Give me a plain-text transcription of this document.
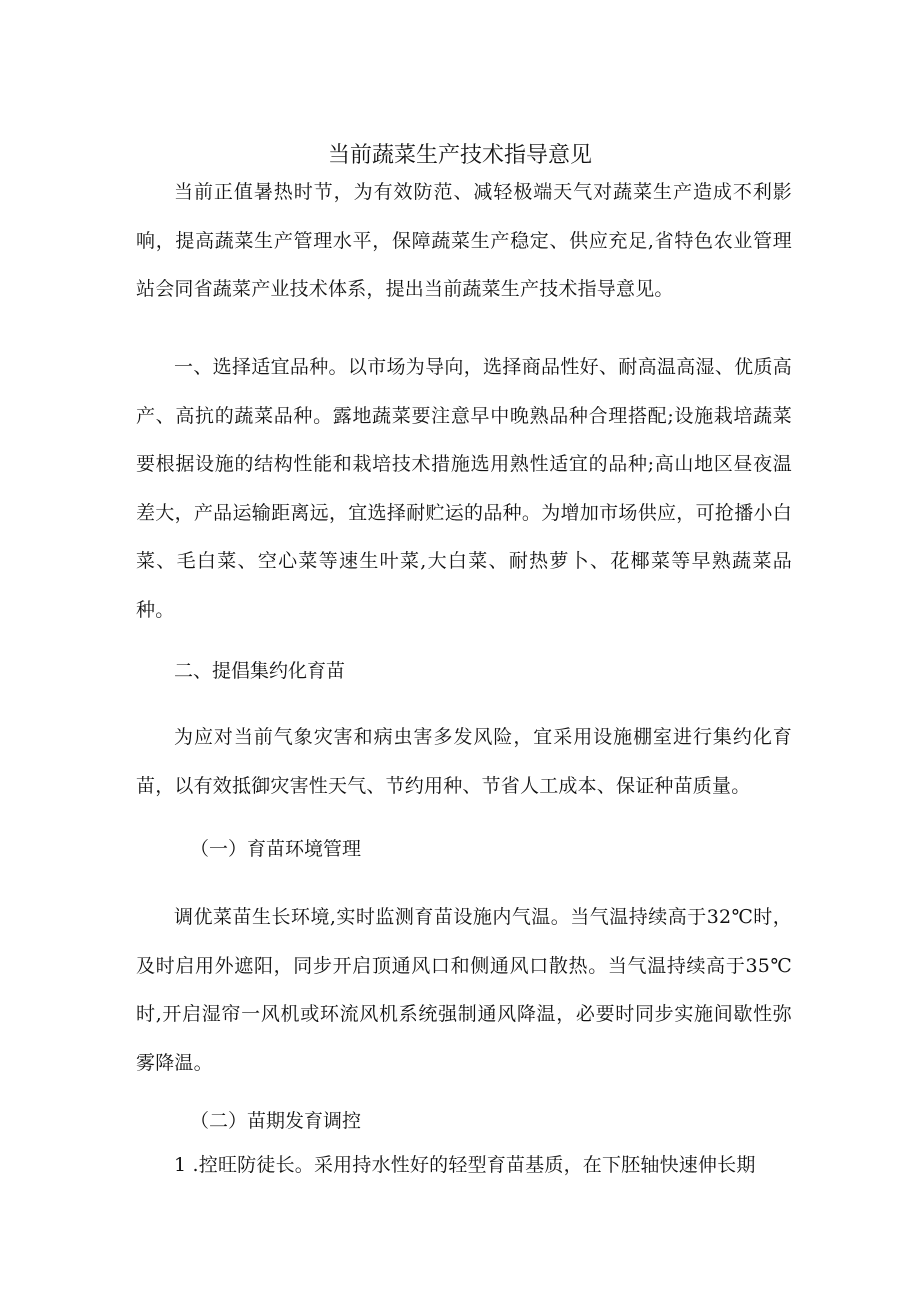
当前蔬菜生产技术指导意见

当前正值暑热时节，为有效防范、减轻极端天气对蔬菜生产造成不利影响，提高蔬菜生产管理水平，保障蔬菜生产稳定、供应充足,省特色农业管理站会同省蔬菜产业技术体系，提出当前蔬菜生产技术指导意见。

一、选择适宜品种。以市场为导向，选择商品性好、耐高温高湿、优质高产、高抗的蔬菜品种。露地蔬菜要注意早中晚熟品种合理搭配;设施栽培蔬菜要根据设施的结构性能和栽培技术措施选用熟性适宜的品种;高山地区昼夜温差大，产品运输距离远，宜选择耐贮运的品种。为增加市场供应，可抢播小白菜、毛白菜、空心菜等速生叶菜,大白菜、耐热萝卜、花椰菜等早熟蔬菜品种。

二、提倡集约化育苗

为应对当前气象灾害和病虫害多发风险，宜采用设施棚室进行集约化育苗，以有效抵御灾害性天气、节约用种、节省人工成本、保证种苗质量。

（一）育苗环境管理

调优菜苗生长环境,实时监测育苗设施内气温。当气温持续高于32℃时，及时启用外遮阳，同步开启顶通风口和侧通风口散热。当气温持续高于35℃时,开启湿帘一风机或环流风机系统强制通风降温，必要时同步实施间歇性弥雾降温。

（二）苗期发育调控

1 .控旺防徒长。采用持水性好的轻型育苗基质，在下胚轴快速伸长期
